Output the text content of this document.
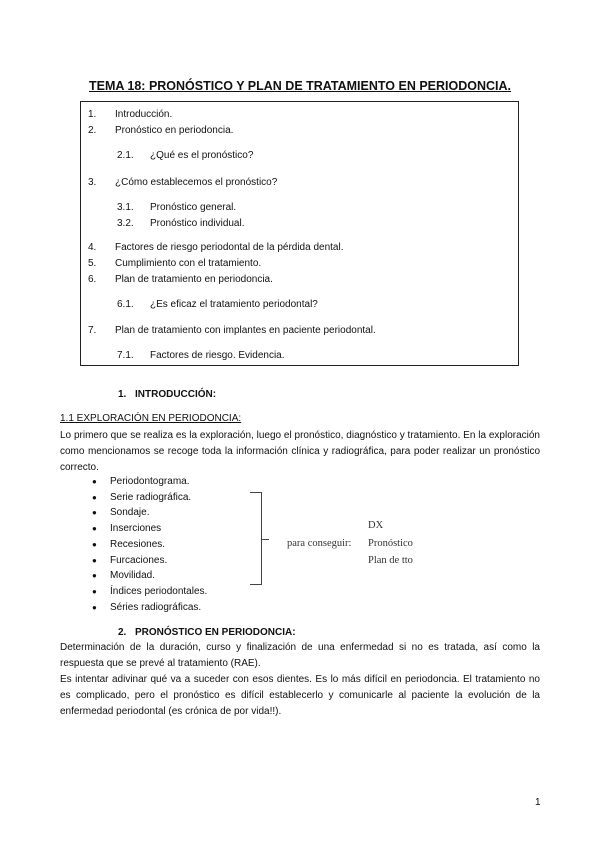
TEMA 18: PRONÓSTICO Y PLAN DE TRATAMIENTO EN PERIODONCIA.
1. Introducción.
2. Pronóstico en periodoncia.
2.1. ¿Qué es el pronóstico?
3. ¿Cómo establecemos el pronóstico?
3.1. Pronóstico general.
3.2. Pronóstico individual.
4. Factores de riesgo periodontal de la pérdida dental.
5. Cumplimiento con el tratamiento.
6. Plan de tratamiento en periodoncia.
6.1. ¿Es eficaz el tratamiento periodontal?
7. Plan de tratamiento con implantes en paciente periodontal.
7.1. Factores de riesgo. Evidencia.
1. INTRODUCCIÓN:
1.1 EXPLORACIÓN EN PERIODONCIA:
Lo primero que se realiza es la exploración, luego el pronóstico, diagnóstico y tratamiento. En la exploración como mencionamos se recoge toda la información clínica y radiográfica, para poder realizar un pronóstico correcto.
● Periodontograma.
● Serie radiográfica.
● Sondaje.
● Inserciones
● Recesiones.
● Furcaciones.
● Movilidad.
● Índices periodontales.
● Séries radiográficas.
para conseguir:
DX
Pronóstico
Plan de tto
2. PRONÓSTICO EN PERIODONCIA:
Determinación de la duración, curso y finalización de una enfermedad si no es tratada, así como la respuesta que se prevé al tratamiento (RAE).
Es intentar adivinar qué va a suceder con esos dientes. Es lo más difícil en periodoncia. El tratamiento no es complicado, pero el pronóstico es difícil establecerlo y comunicarle al paciente la evolución de la enfermedad periodontal (es crónica de por vida!!).
1
